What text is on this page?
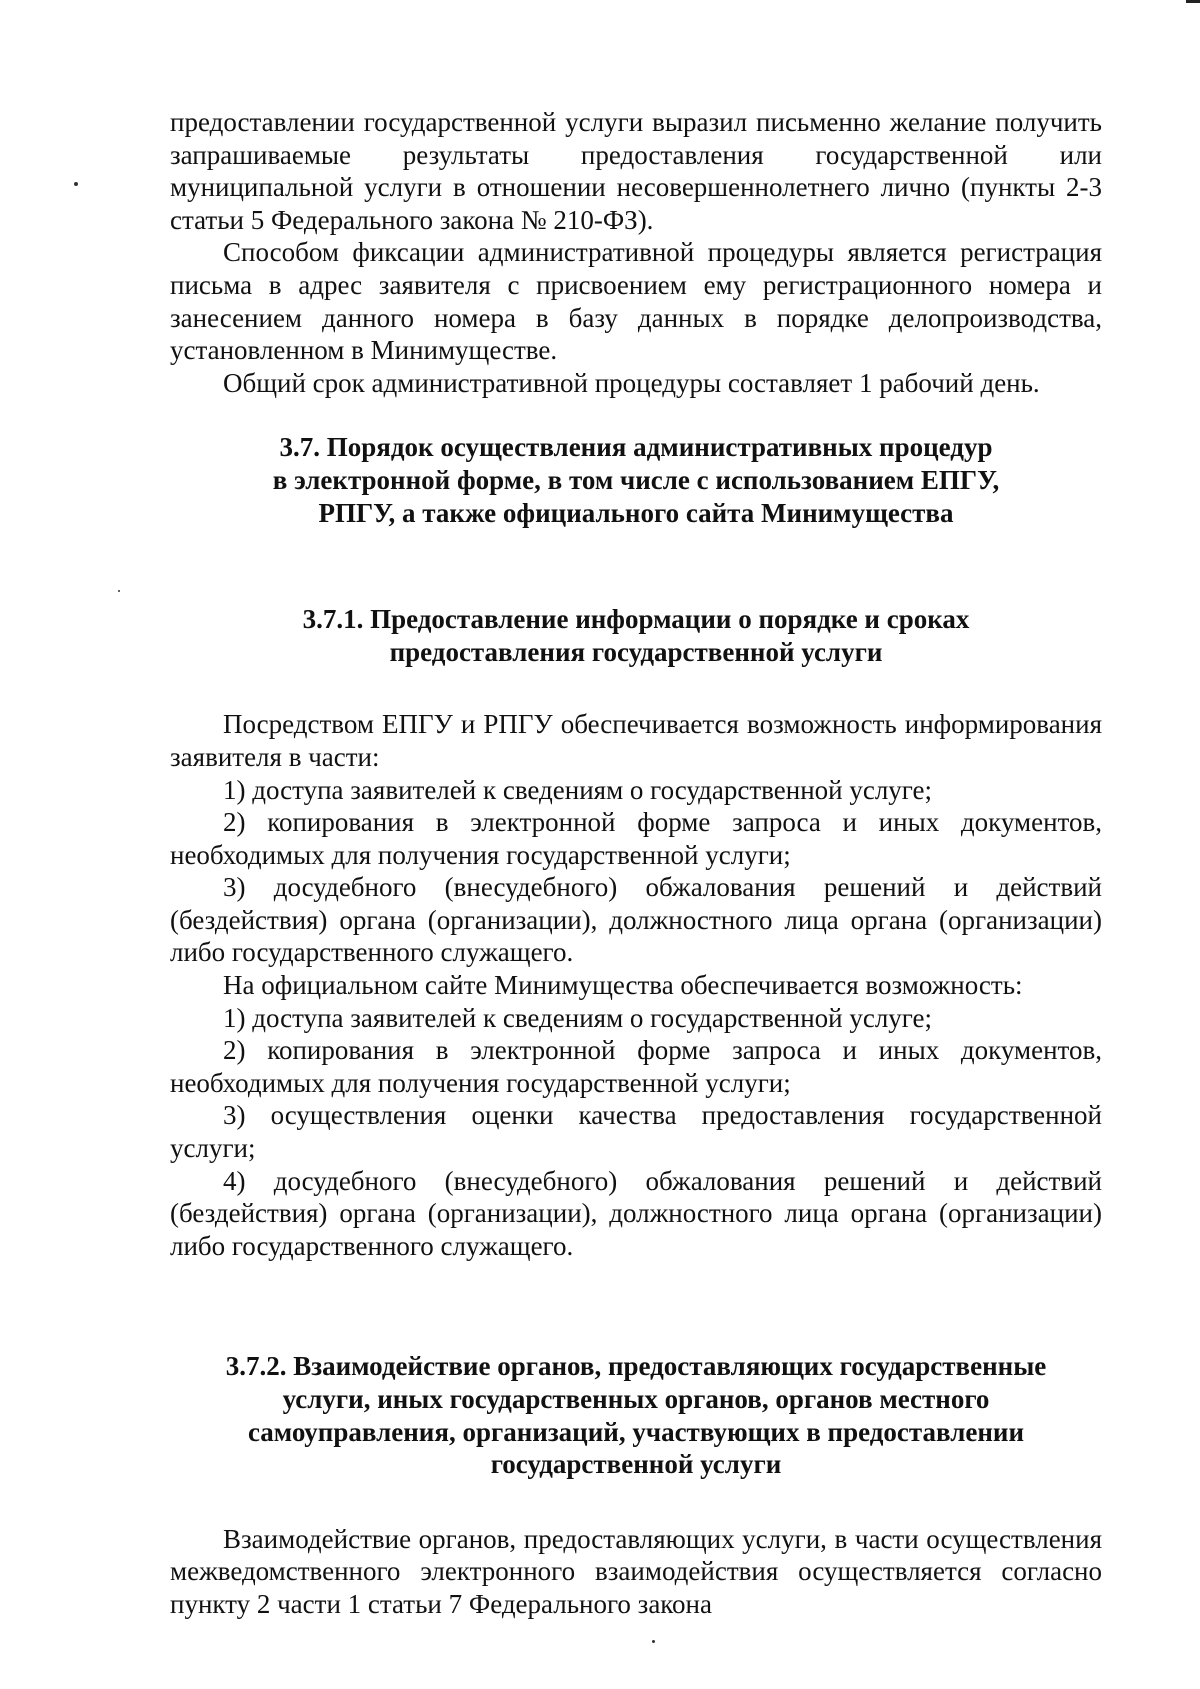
предоставлении государственной услуги выразил письменно желание получить запрашиваемые результаты предоставления государственной или муниципальной услуги в отношении несовершеннолетнего лично (пункты 2-3 статьи 5 Федерального закона № 210-ФЗ).

Способом фиксации административной процедуры является регистрация письма в адрес заявителя с присвоением ему регистрационного номера и занесением данного номера в базу данных в порядке делопроизводства, установленном в Минимуществе.

Общий срок административной процедуры составляет 1 рабочий день.

3.7. Порядок осуществления административных процедур
в электронной форме, в том числе с использованием ЕПГУ,
РПГУ, а также официального сайта Минимущества
3.7.1. Предоставление информации о порядке и сроках
предоставления государственной услуги

Посредством ЕПГУ и РПГУ обеспечивается возможность информирования заявителя в части:

1) доступа заявителей к сведениям о государственной услуге;

2) копирования в электронной форме запроса и иных документов, необходимых для получения государственной услуги;

3) досудебного (внесудебного) обжалования решений и действий (бездействия) органа (организации), должностного лица органа (организации) либо государственного служащего.

На официальном сайте Минимущества обеспечивается возможность:

1) доступа заявителей к сведениям о государственной услуге;

2) копирования в электронной форме запроса и иных документов, необходимых для получения государственной услуги;

3) осуществления оценки качества предоставления государственной услуги;

4) досудебного (внесудебного) обжалования решений и действий (бездействия) органа (организации), должностного лица органа (организации) либо государственного служащего.

3.7.2. Взаимодействие органов, предоставляющих государственные
услуги, иных государственных органов, органов местного
самоуправления, организаций, участвующих в предоставлении
государственной услуги

Взаимодействие органов, предоставляющих услуги, в части осуществления межведомственного электронного взаимодействия осуществляется согласно пункту 2 части 1 статьи 7 Федерального закона
